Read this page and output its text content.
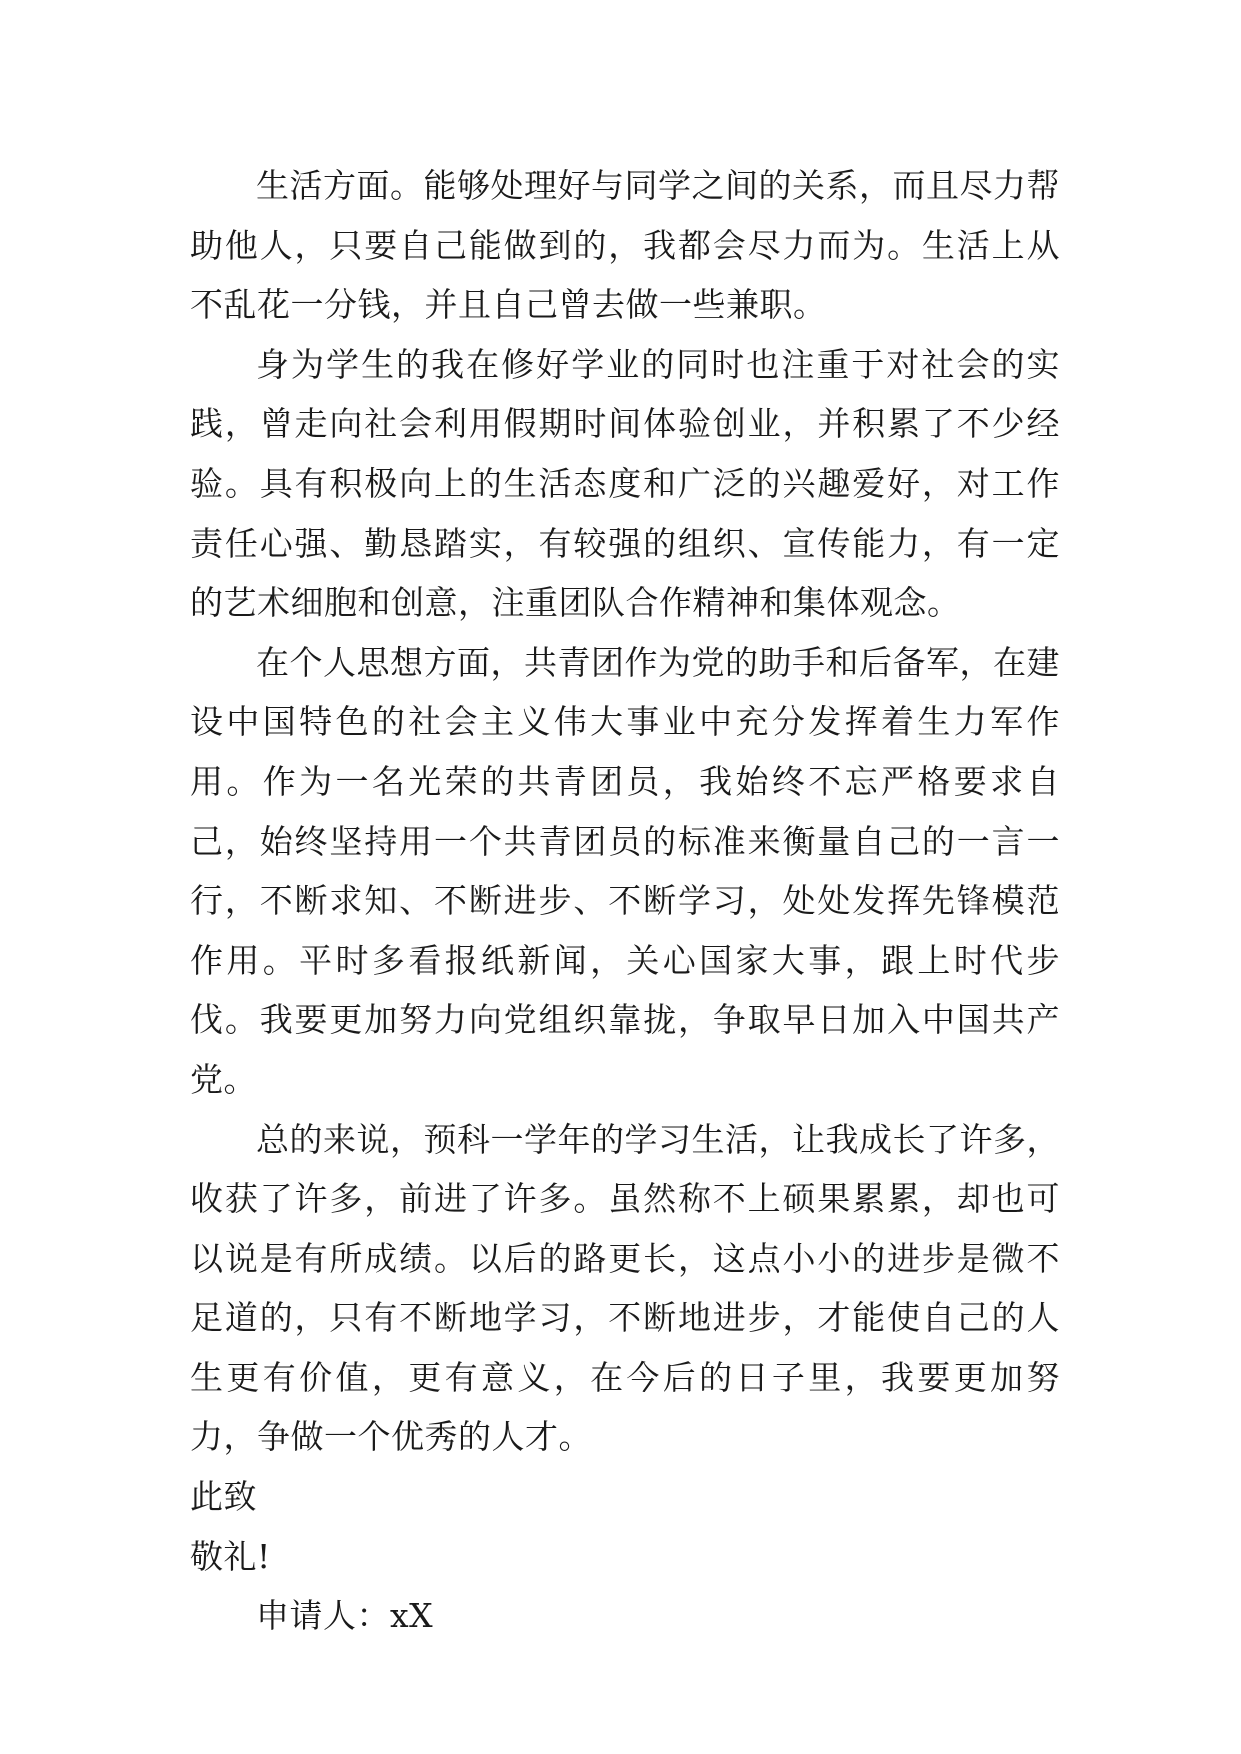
生活方面。能够处理好与同学之间的关系，而且尽力帮助他人，只要自己能做到的，我都会尽力而为。生活上从不乱花一分钱，并且自己曾去做一些兼职。

身为学生的我在修好学业的同时也注重于对社会的实践，曾走向社会利用假期时间体验创业，并积累了不少经验。具有积极向上的生活态度和广泛的兴趣爱好，对工作责任心强、勤恳踏实，有较强的组织、宣传能力，有一定的艺术细胞和创意，注重团队合作精神和集体观念。

在个人思想方面，共青团作为党的助手和后备军，在建设中国特色的社会主义伟大事业中充分发挥着生力军作用。作为一名光荣的共青团员，我始终不忘严格要求自己，始终坚持用一个共青团员的标准来衡量自己的一言一行，不断求知、不断进步、不断学习，处处发挥先锋模范作用。平时多看报纸新闻，关心国家大事，跟上时代步伐。我要更加努力向党组织靠拢，争取早日加入中国共产党。

总的来说，预科一学年的学习生活，让我成长了许多，收获了许多，前进了许多。虽然称不上硕果累累，却也可以说是有所成绩。以后的路更长，这点小小的进步是微不足道的，只有不断地学习，不断地进步，才能使自己的人生更有价值，更有意义，在今后的日子里，我要更加努力，争做一个优秀的人才。

此致

敬礼!

申请人：xX
